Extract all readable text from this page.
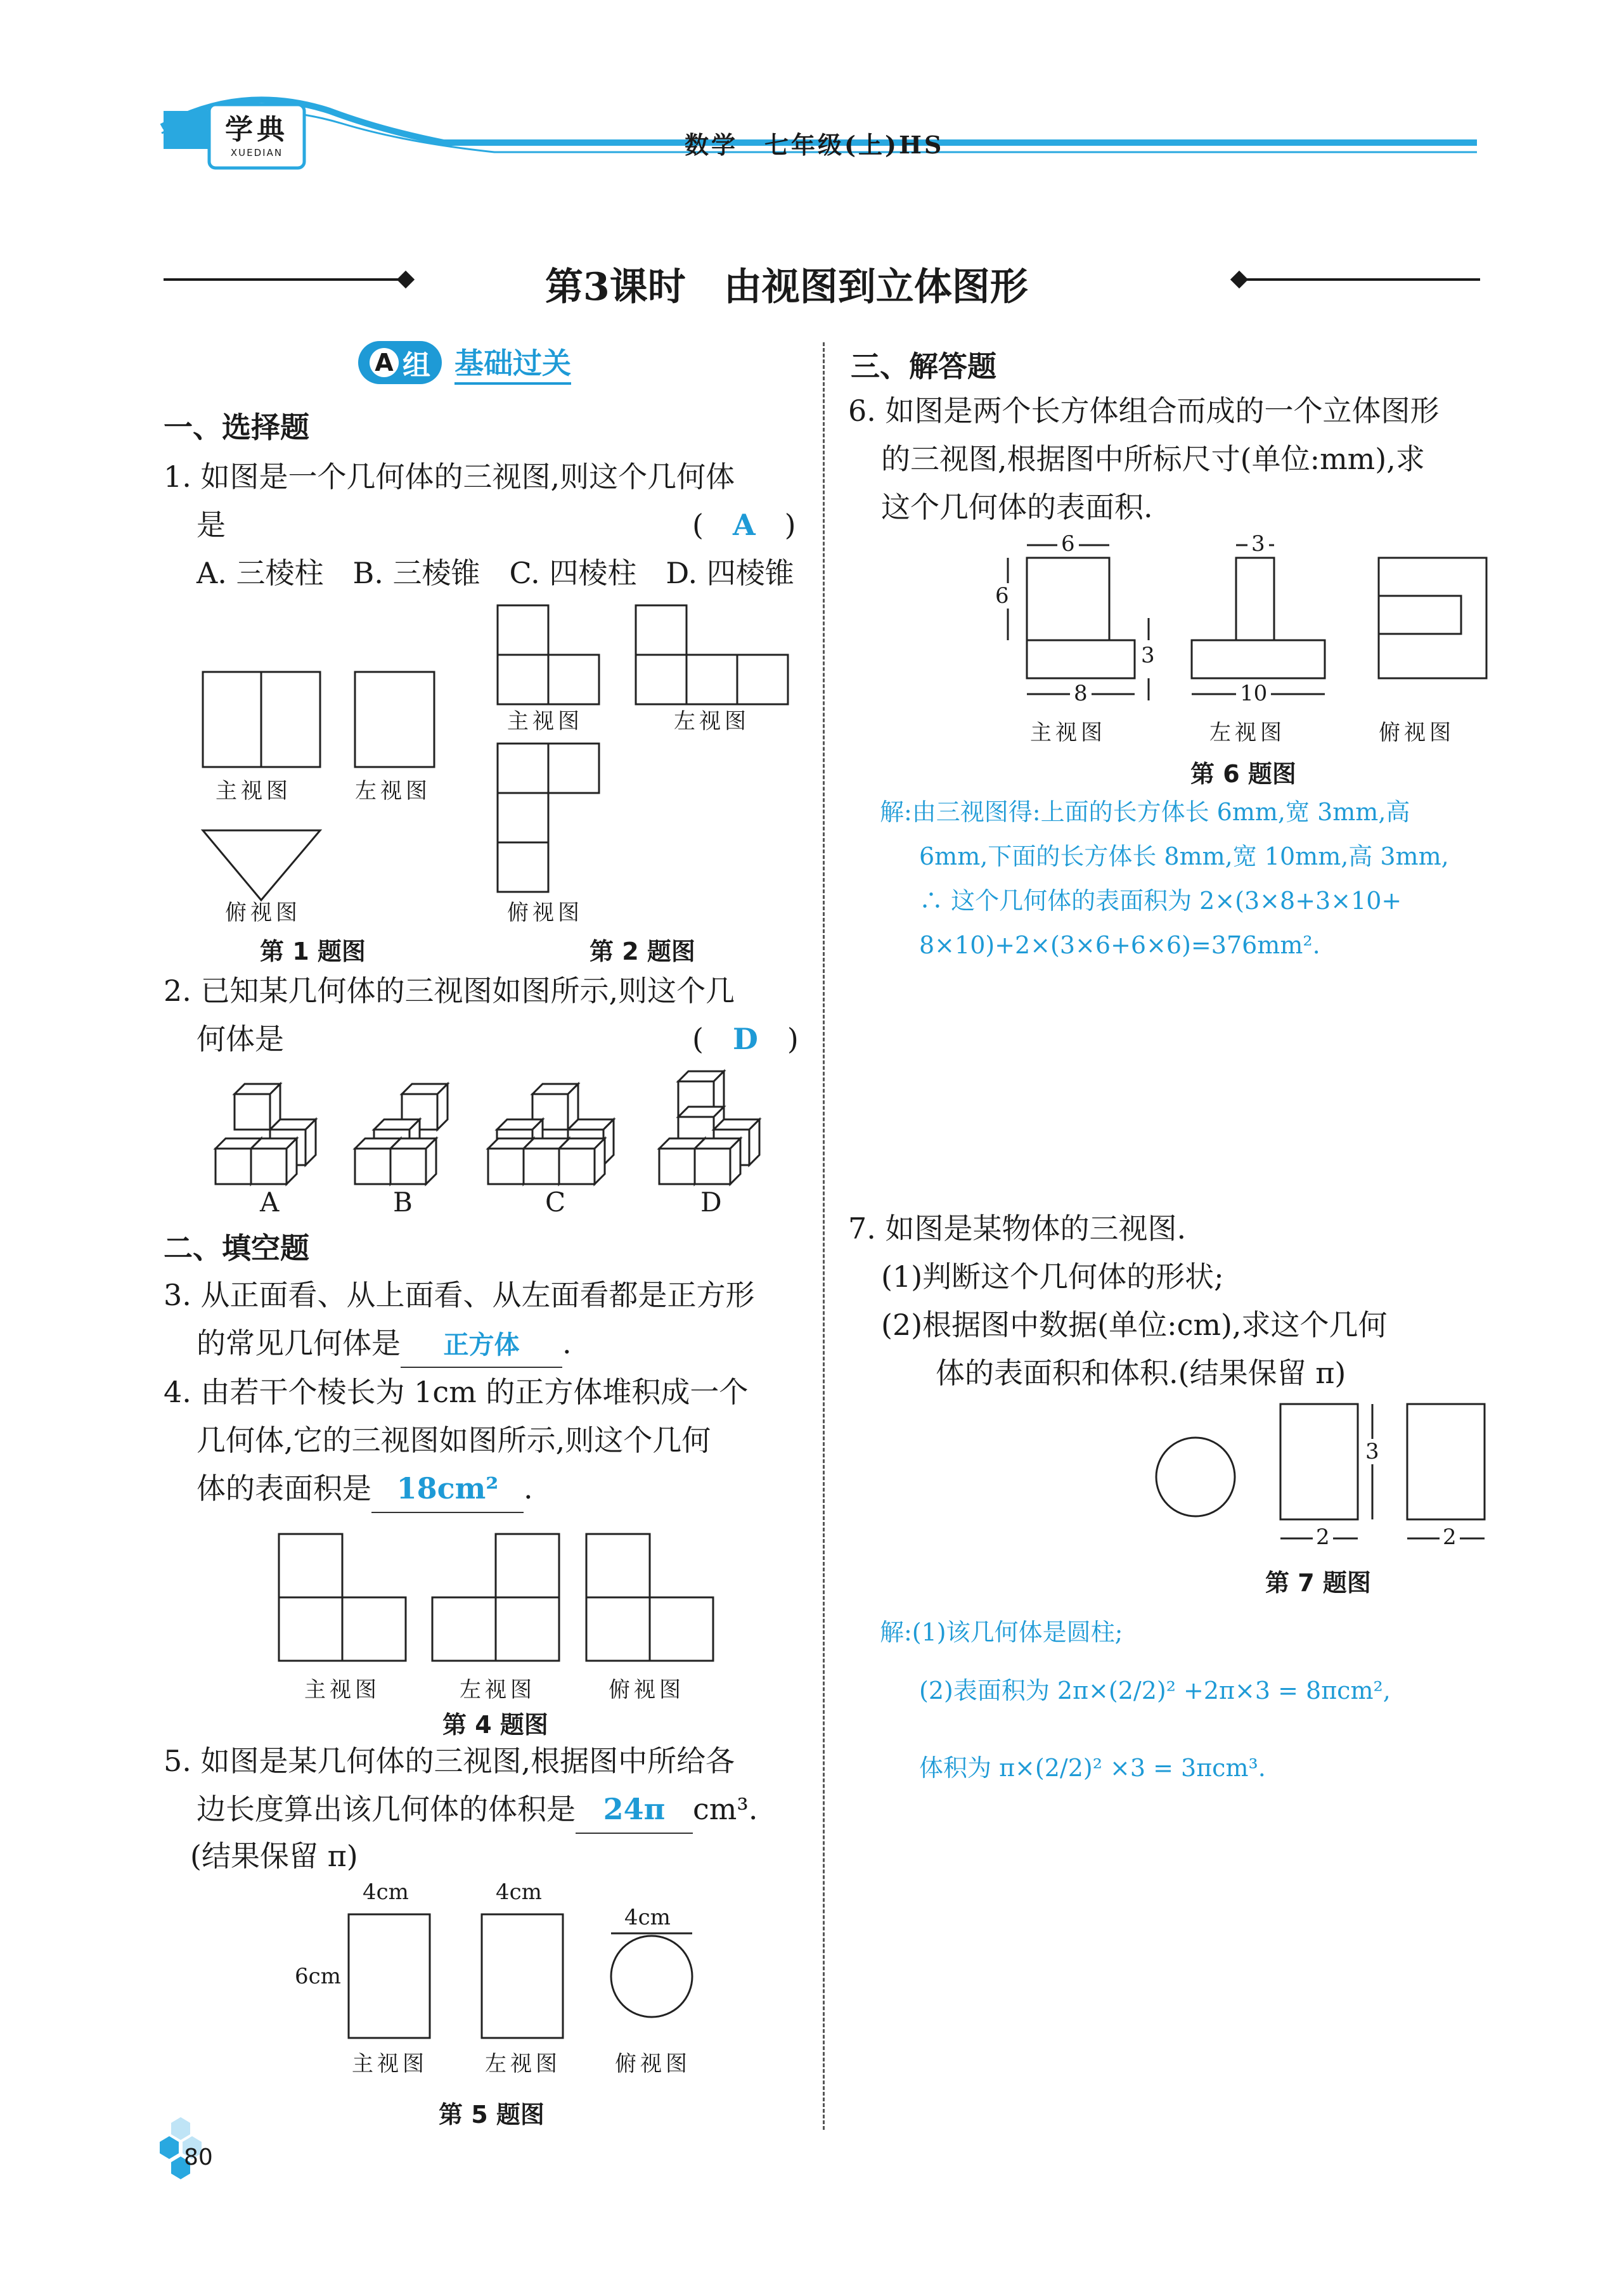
学典
XUEDIAN	数学　七年级(上)HS
第3课时　由视图到立体图形
A 组 基础过关
一、选择题
1. 如图是一个几何体的三视图,则这个几何体
是	(　A　)
A. 三棱柱　B. 三棱锥　C. 四棱柱　D. 四棱锥
主视图	左视图
俯视图
主视图	左视图
俯视图
第 1 题图	第 2 题图
2. 已知某几何体的三视图如图所示,则这个几
何体是	(　D　)
A	B	C	D
二、填空题
3. 从正面看、从上面看、从左面看都是正方形
的常见几何体是 正方体 .
4. 由若干个棱长为 1cm 的正方体堆积成一个
几何体,它的三视图如图所示,则这个几何
体的表面积是 18cm² .
主视图	左视图	俯视图
第 4 题图
5. 如图是某几何体的三视图,根据图中所给各
边长度算出该几何体的体积是 24π cm³.
(结果保留 π)
4cm	4cm
6cm
4cm
主视图	左视图	俯视图
第 5 题图
三、解答题
6. 如图是两个长方体组合而成的一个立体图形
的三视图,根据图中所标尺寸(单位:mm),求
这个几何体的表面积.
6
6
3
8
3
10
主视图	左视图	俯视图
第 6 题图
解:由三视图得:上面的长方体长 6mm,宽 3mm,高
6mm,下面的长方体长 8mm,宽 10mm,高 3mm,
∴ 这个几何体的表面积为 2×(3×8+3×10+
8×10)+2×(3×6+6×6)=376mm².
7. 如图是某物体的三视图.
(1)判断这个几何体的形状;
(2)根据图中数据(单位:cm),求这个几何
体的表面积和体积.(结果保留 π)
3
2	2
第 7 题图
解:(1)该几何体是圆柱;
(2)表面积为 2π×(2/2)² +2π×3 = 8πcm²,
体积为 π×(2/2)² ×3 = 3πcm³.
80
